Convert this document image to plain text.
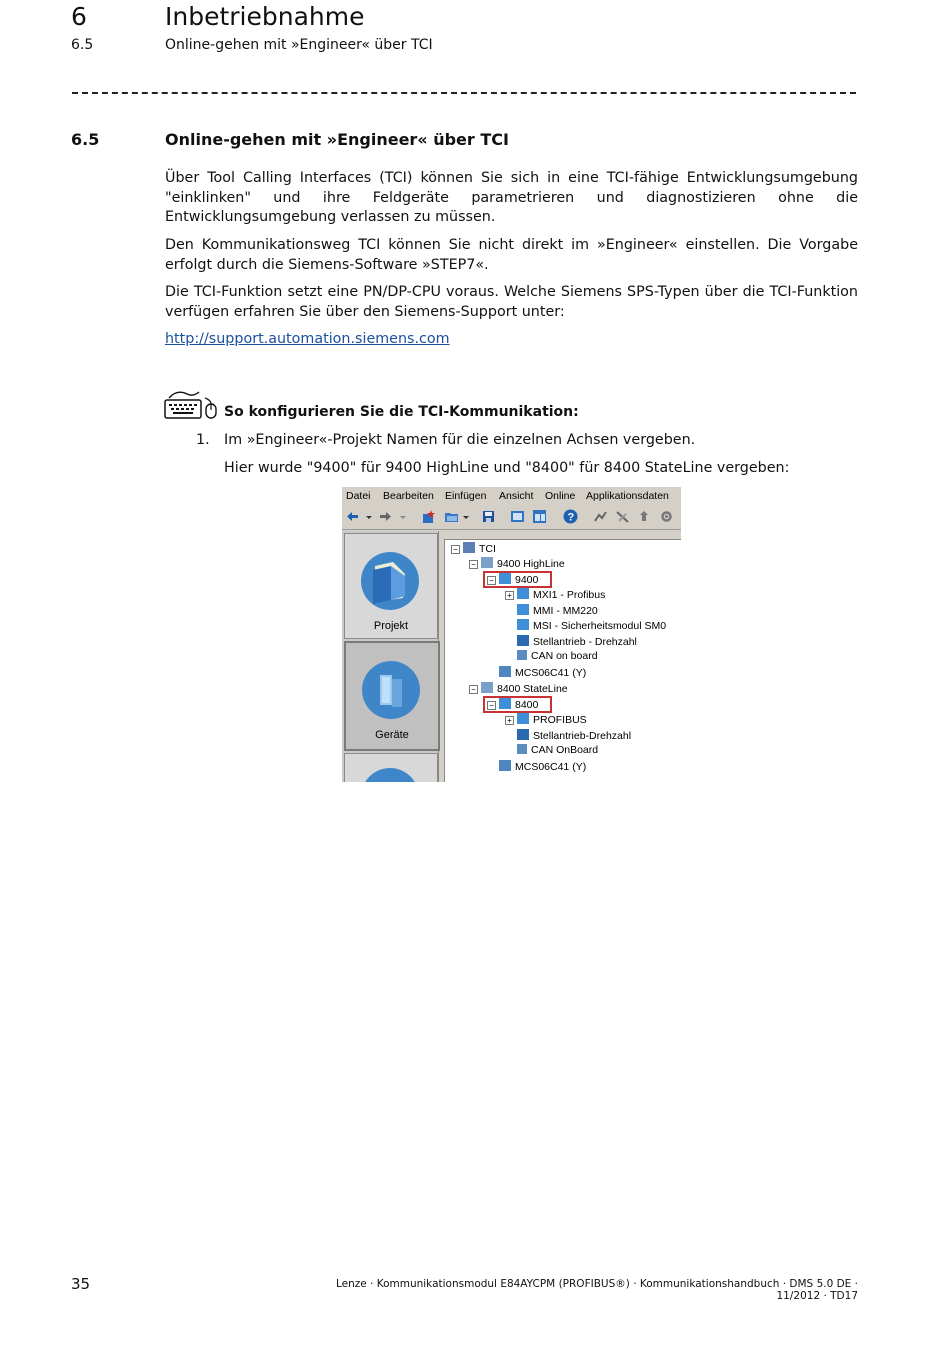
6	Inbetriebnahme
6.5	Online-gehen mit »Engineer« über TCI
6.5	Online-gehen mit »Engineer« über TCI
Über Tool Calling Interfaces (TCI) können Sie sich in eine TCI-fähige Entwicklungsumgebung "einklinken" und ihre Feldgeräte parametrieren und diagnostizieren ohne die Entwicklungsumgebung verlassen zu müssen.
Den Kommunikationsweg TCI können Sie nicht direkt im »Engineer« einstellen. Die Vorgabe erfolgt durch die Siemens-Software »STEP7«.
Die TCI-Funktion setzt eine PN/DP-CPU voraus. Welche Siemens SPS-Typen über die TCI-Funktion verfügen erfahren Sie über den Siemens-Support unter:
http://support.automation.siemens.com
So konfigurieren Sie die TCI-Kommunikation:
1. Im »Engineer«-Projekt Namen für die einzelnen Achsen vergeben.
Hier wurde "9400" für 9400 HighLine und "8400" für 8400 StateLine vergeben:
Datei Bearbeiten Einfügen Ansicht Online Applikationsdaten
?
Projekt
Geräte
−
−
−
+
−
−
+
TCI
9400 HighLine
9400
MXI1 - Profibus
MMI - MM220
MSI - Sicherheitsmodul SM0
Stellantrieb - Drehzahl
CAN on board
MCS06C41 (Y)
8400 StateLine
8400
PROFIBUS
Stellantrieb-Drehzahl
CAN OnBoard
MCS06C41 (Y)
35	Lenze · Kommunikationsmodul E84AYCPM (PROFIBUS®) · Kommunikationshandbuch · DMS 5.0 DE · 11/2012 · TD17
